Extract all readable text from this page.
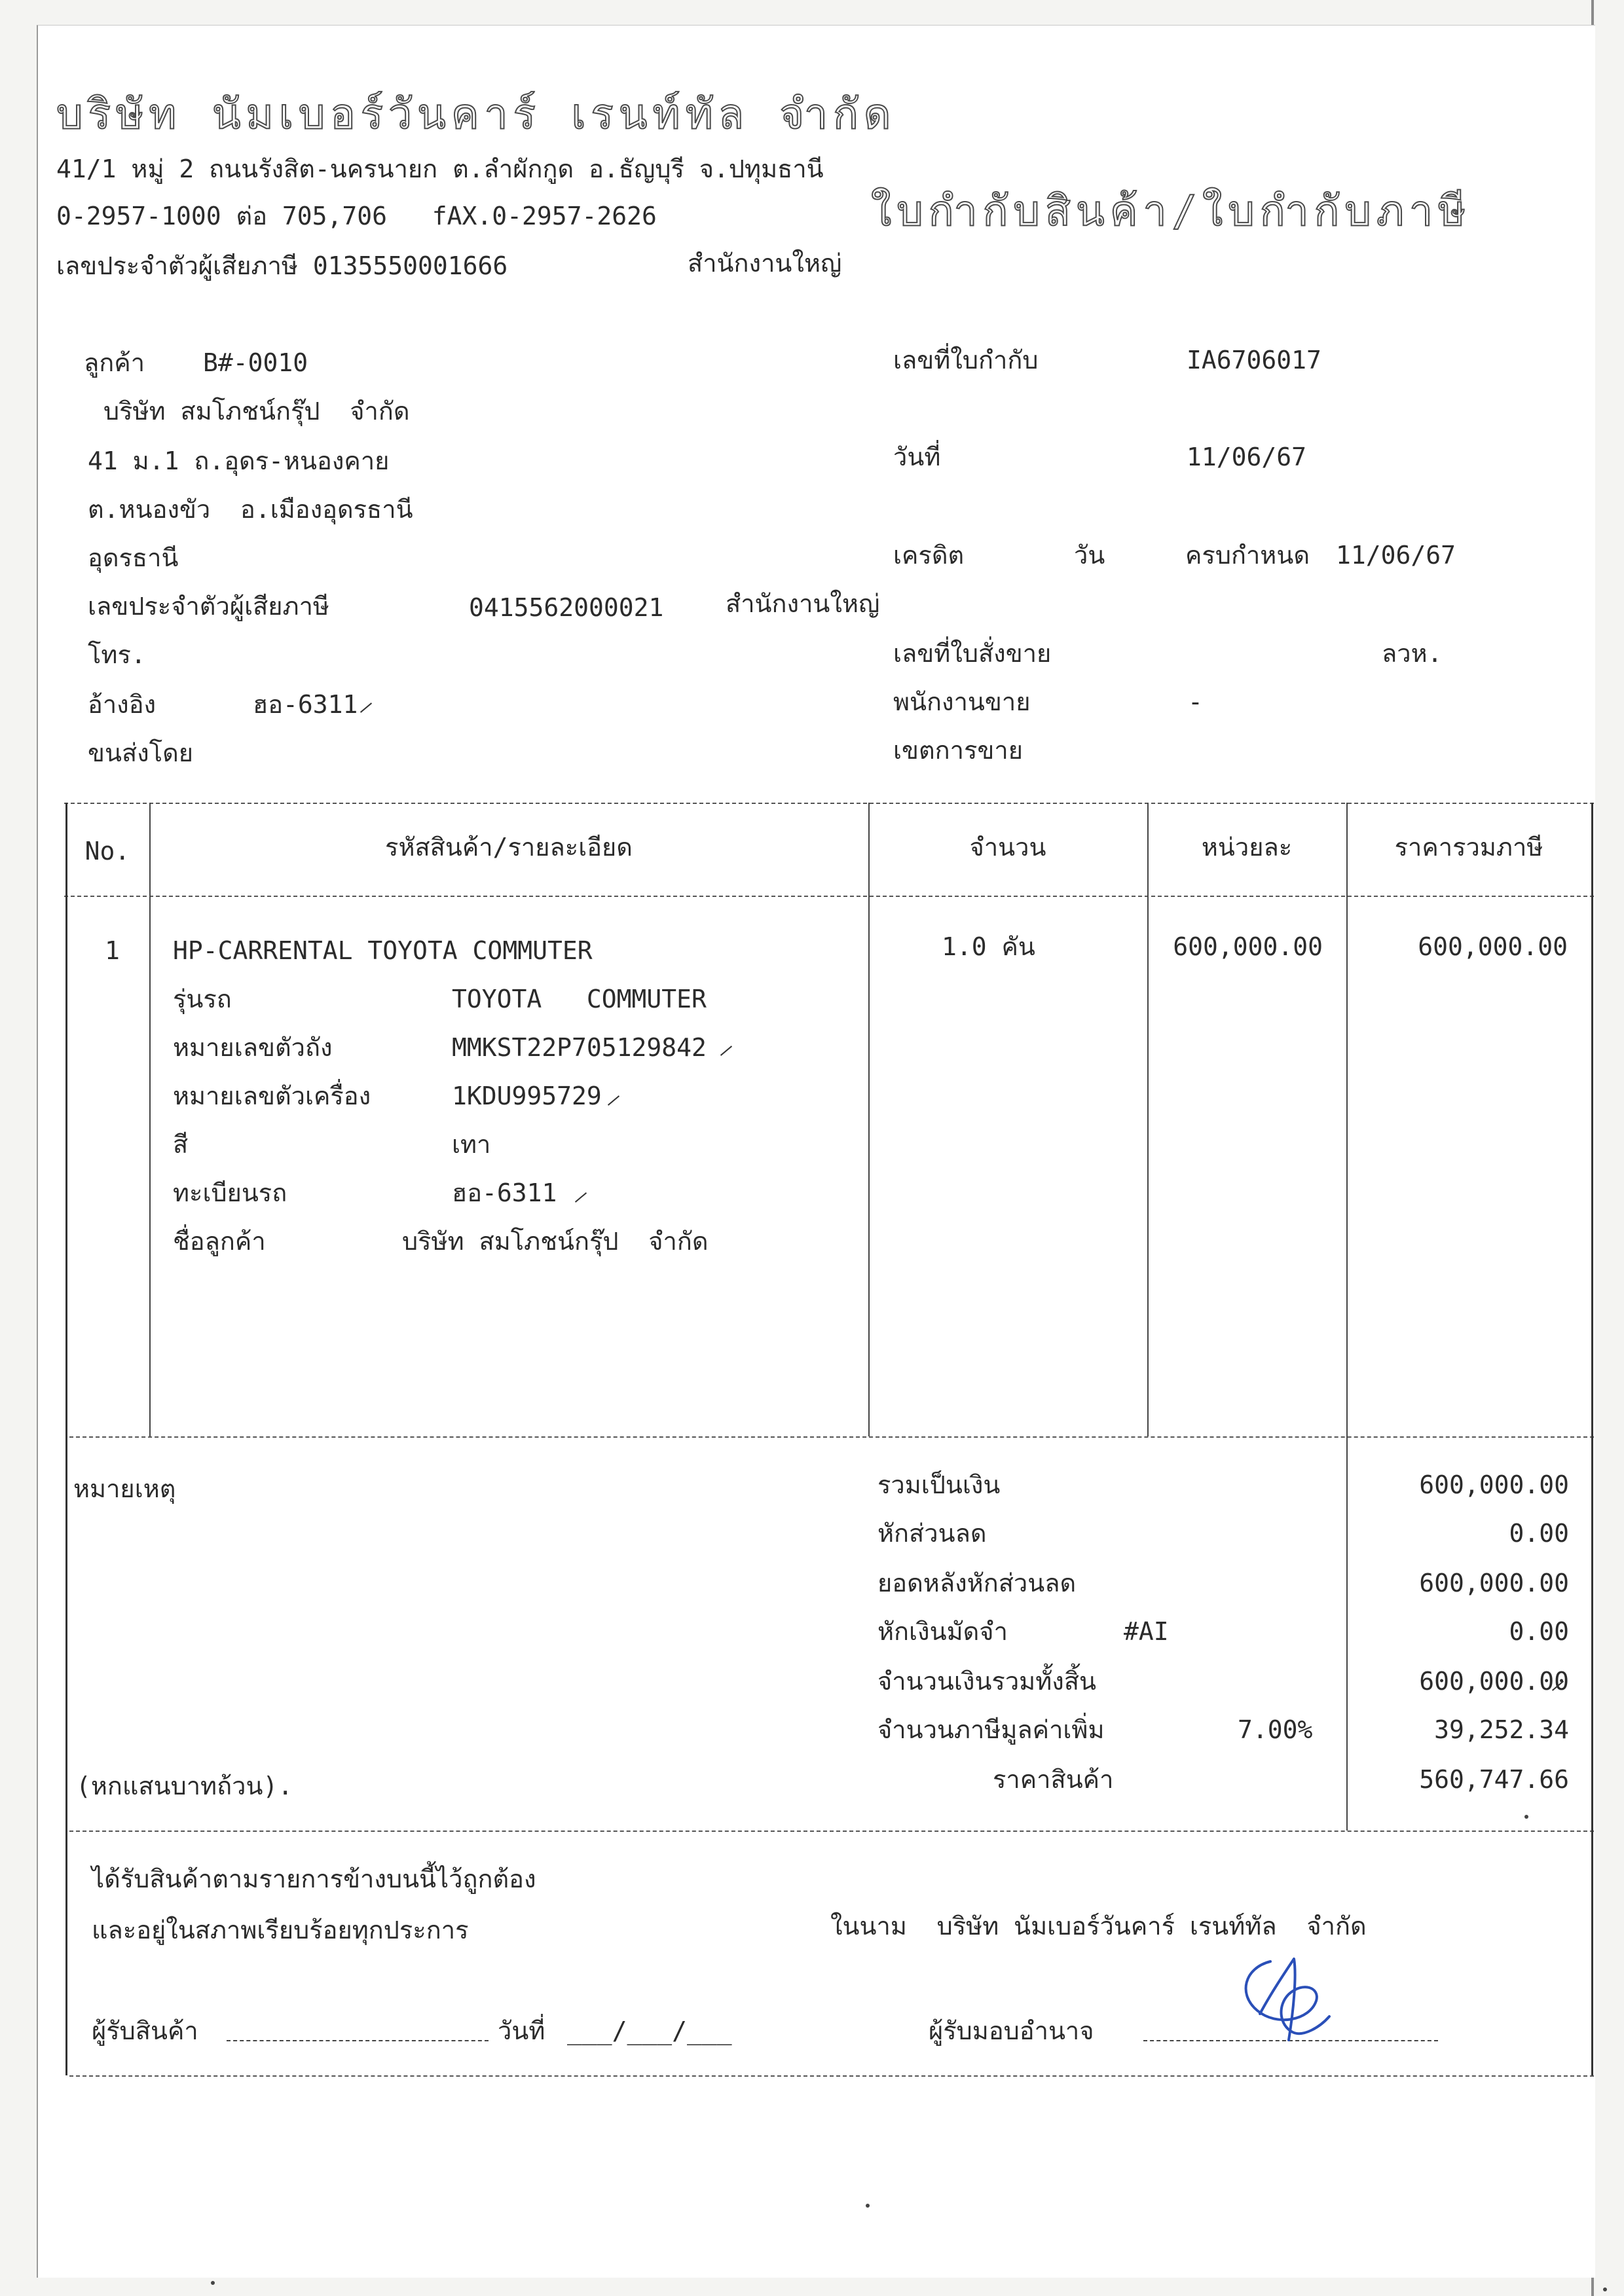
บริษัท นัมเบอร์วันคาร์ เรนท์ทัล จำกัด
41/1 หมู่ 2 ถนนรังสิต-นครนายก ต.ลำผักกูด อ.ธัญบุรี จ.ปทุมธานี
0-2957-1000 ต่อ 705,706   fAX.0-2957-2626	ใบกำกับสินค้า/ใบกำกับภาษี
เลขประจำตัวผู้เสียภาษี 0135550001666	สำนักงานใหญ่
ลูกค้า B#-0010
บริษัท สมโภชน์กรุ๊ป  จำกัด
41 ม.1 ถ.อุดร-หนองคาย
ต.หนองขัว  อ.เมืองอุดรธานี
อุดรธานี
เลขประจำตัวผู้เสียภาษี	0415562000021 สำนักงานใหญ่
โทร.
อ้างอิง	ฮอ-6311
ขนส่งโดย
เลขที่ใบกำกับ	IA6706017
วันที่	11/06/67
เครดิต	วัน	ครบกำหนด 11/06/67
เลขที่ใบสั่งขาย	ลวห.
พนักงานขาย	-
เขตการขาย
No.	รหัสสินค้า/รายละเอียด	จำนวน	หน่วยละ	ราคารวมภาษี
1 HP-CARRENTAL TOYOTA COMMUTER	1.0 คัน	600,000.00	600,000.00
รุ่นรถ	TOYOTA   COMMUTER
หมายเลขตัวถัง	MMKST22P705129842
หมายเลขตัวเครื่อง	1KDU995729
สี	เทา
ทะเบียนรถ	ฮอ-6311
ชื่อลูกค้า	บริษัท สมโภชน์กรุ๊ป  จำกัด
หมายเหตุ
(หกแสนบาทถ้วน).
รวมเป็นเงิน	600,000.00
หักส่วนลด	0.00
ยอดหลังหักส่วนลด	600,000.00
หักเงินมัดจำ	#AI	0.00
จำนวนเงินรวมทั้งสิ้น	600,000.00
จำนวนภาษีมูลค่าเพิ่ม	7.00%	39,252.34
ราคาสินค้า	560,747.66
ได้รับสินค้าตามรายการข้างบนนี้ไว้ถูกต้อง
และอยู่ในสภาพเรียบร้อยทุกประการ	ในนาม  บริษัท นัมเบอร์วันคาร์ เรนท์ทัล  จำกัด
ผู้รับสินค้า	วันที่ ___/___/___	ผู้รับมอบอำนาจ
